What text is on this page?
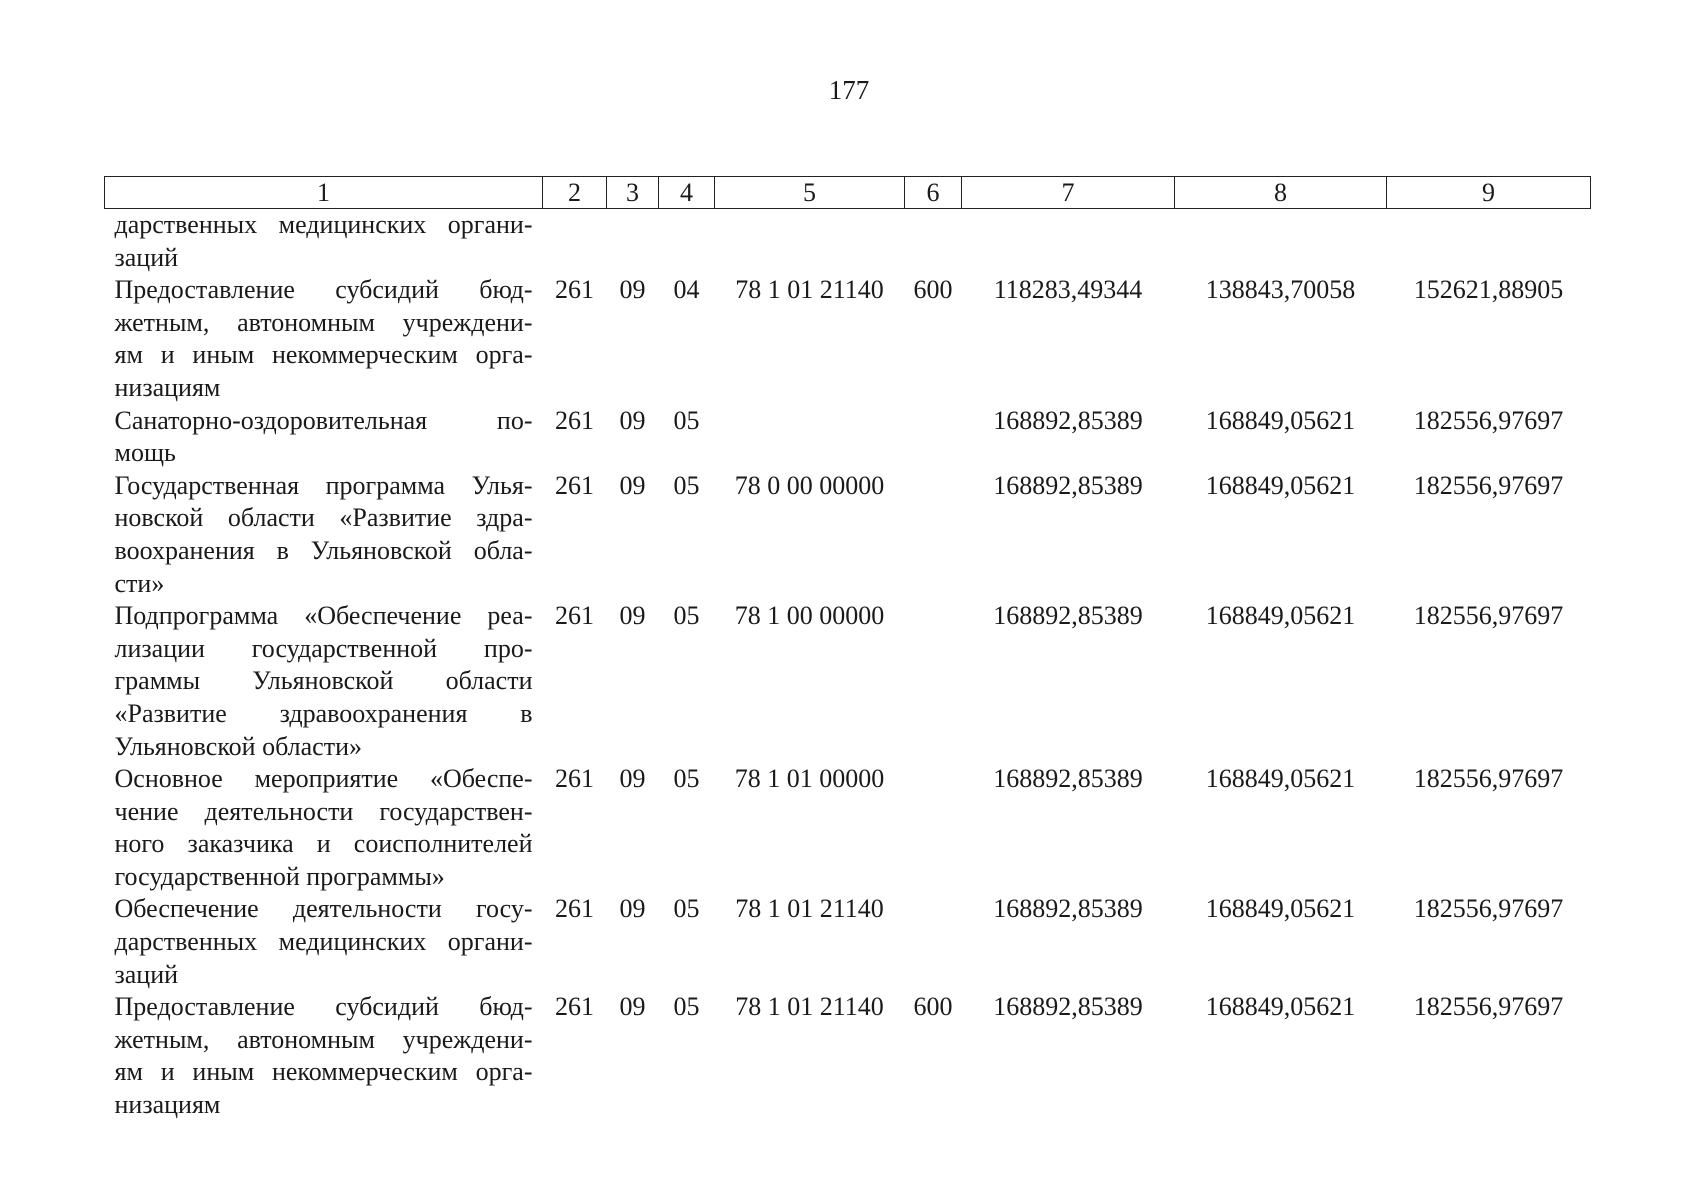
177
1	2	3	4	5	6	7	8	9

дарственных медицинских органи-
заций								

Предоставление субсидий бюд-
жетным, автономным учреждени-
ям и иным некоммерческим орга-
низациям	261	09	04	78 1 01 21140	600	118283,49344	138843,70058	152621,88905

Санаторно-оздоровительная по-
мощь	261	09	05			168892,85389	168849,05621	182556,97697

Государственная программа Улья-
новской области «Развитие здра-
воохранения в Ульяновской обла-
сти»	261	09	05	78 0 00 00000		168892,85389	168849,05621	182556,97697

Подпрограмма «Обеспечение реа-
лизации государственной про-
граммы Ульяновской области
«Развитие здравоохранения в
Ульяновской области»	261	09	05	78 1 00 00000		168892,85389	168849,05621	182556,97697

Основное мероприятие «Обеспе-
чение деятельности государствен-
ного заказчика и соисполнителей
государственной программы»	261	09	05	78 1 01 00000		168892,85389	168849,05621	182556,97697

Обеспечение деятельности госу-
дарственных медицинских органи-
заций	261	09	05	78 1 01 21140		168892,85389	168849,05621	182556,97697

Предоставление субсидий бюд-
жетным, автономным учреждени-
ям и иным некоммерческим орга-
низациям	261	09	05	78 1 01 21140	600	168892,85389	168849,05621	182556,97697
